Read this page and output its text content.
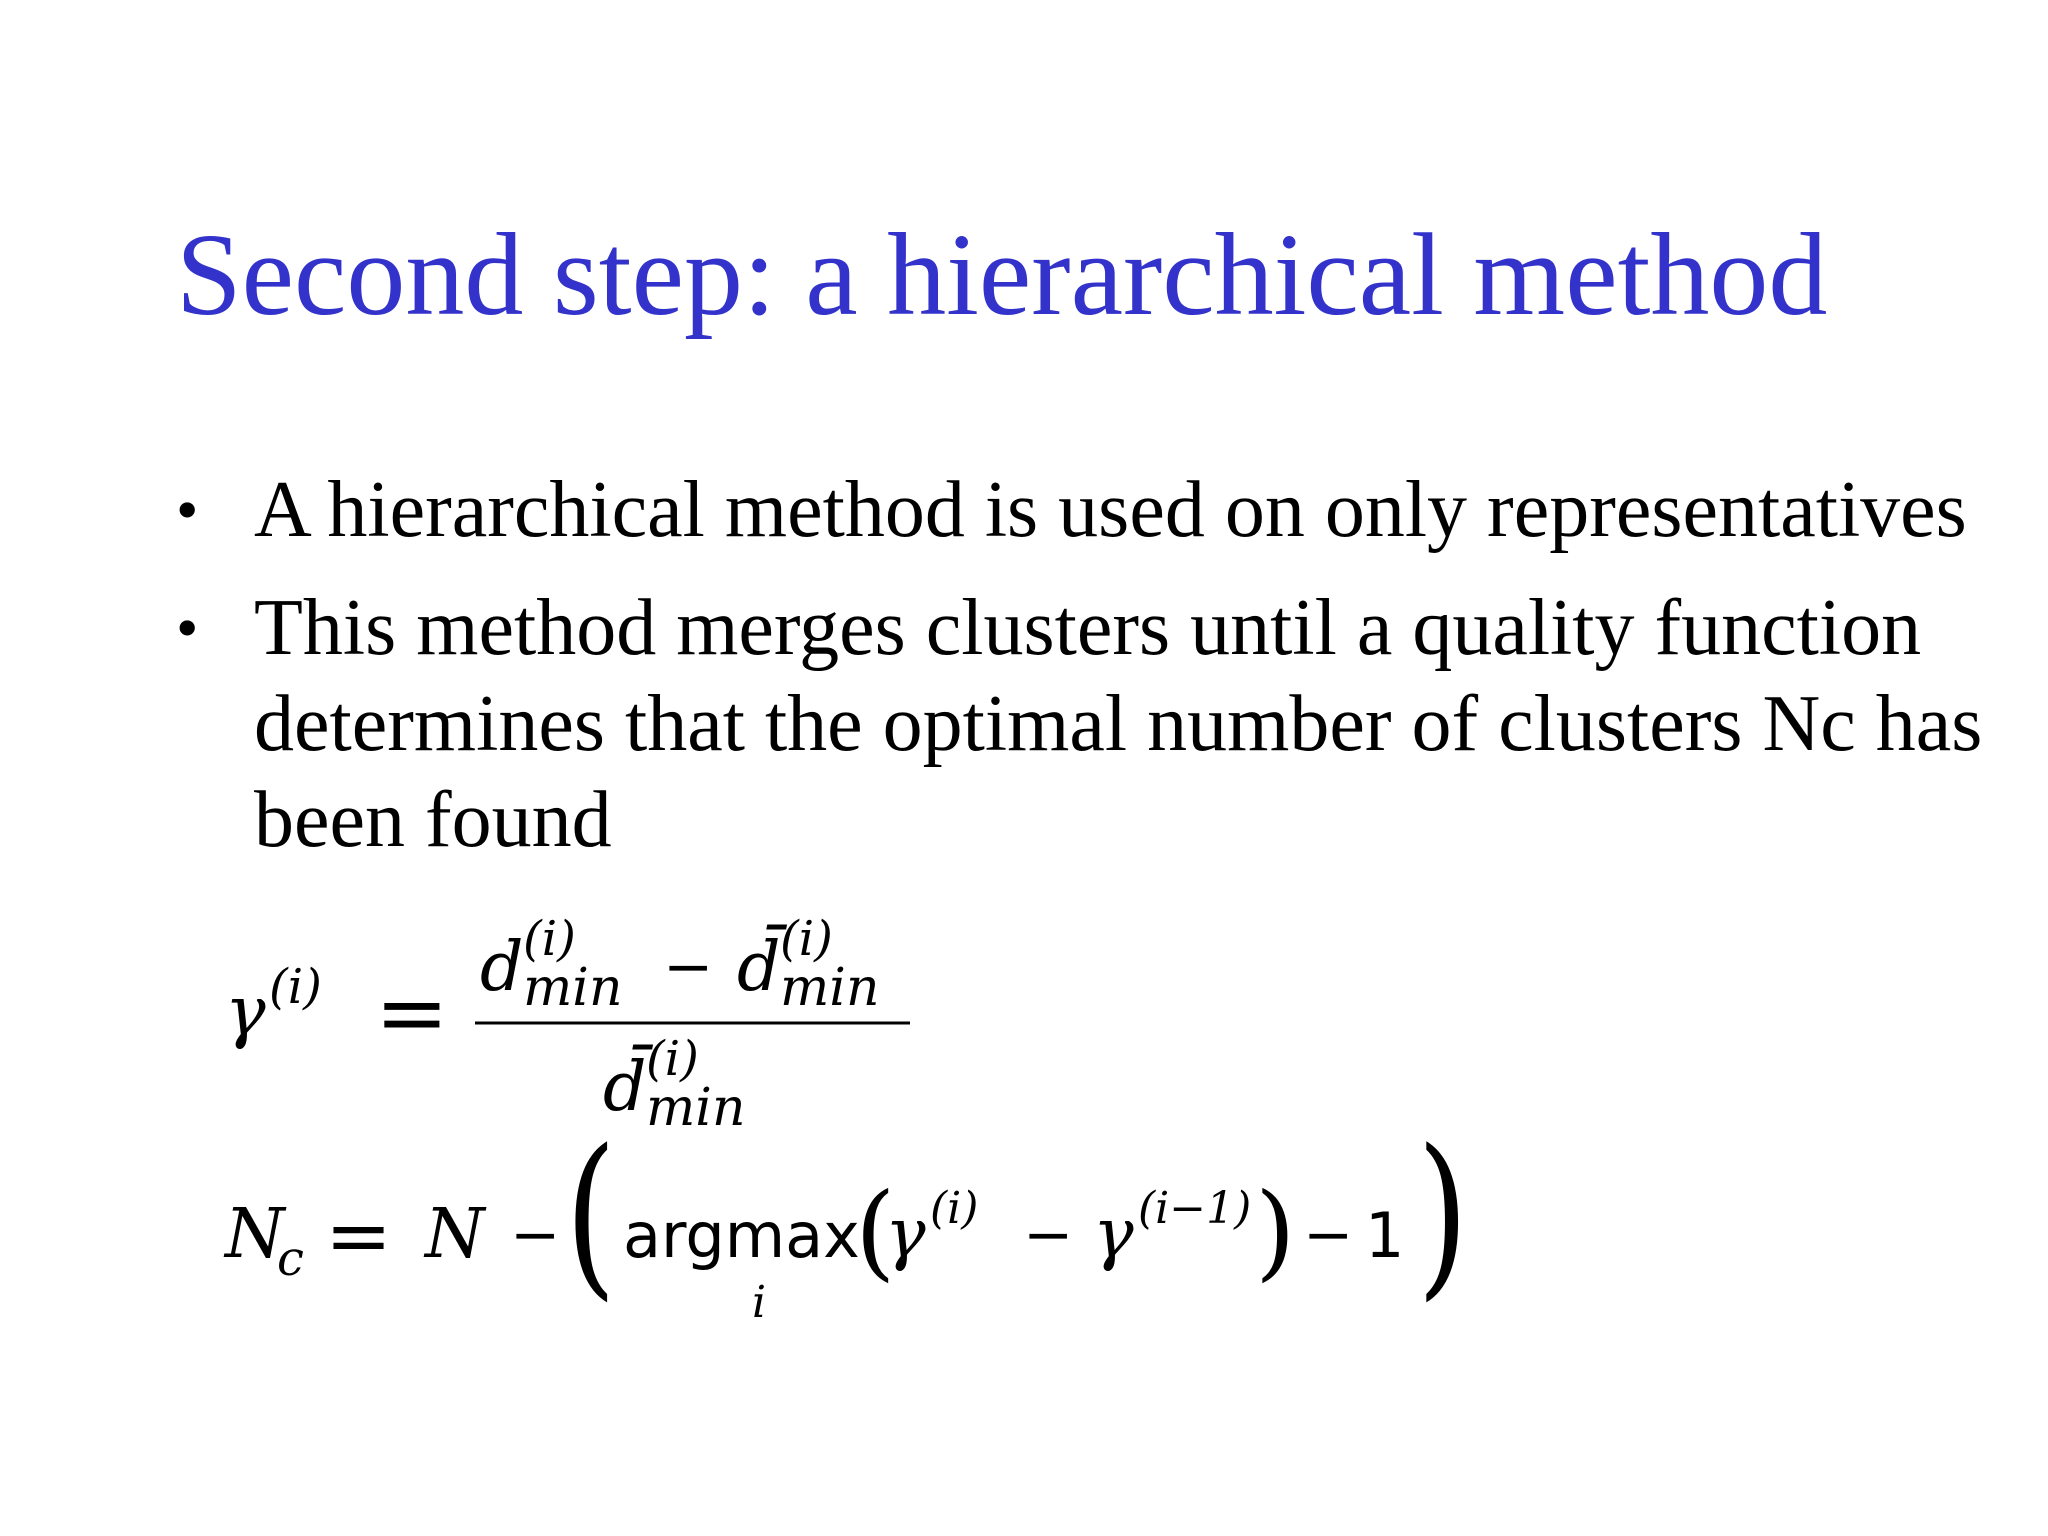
Second step: a hierarchical method
• A hierarchical method is used on only representatives
• This method merges clusters until a quality function
determines that the optimal number of clusters Nc has
been found
γ (i) = d (i)
min − d̄ (i)
min
d̄ (i)
min
N
c = N − ( argmax
i
(
γ (i) − γ (i−1) ) − 1 )
